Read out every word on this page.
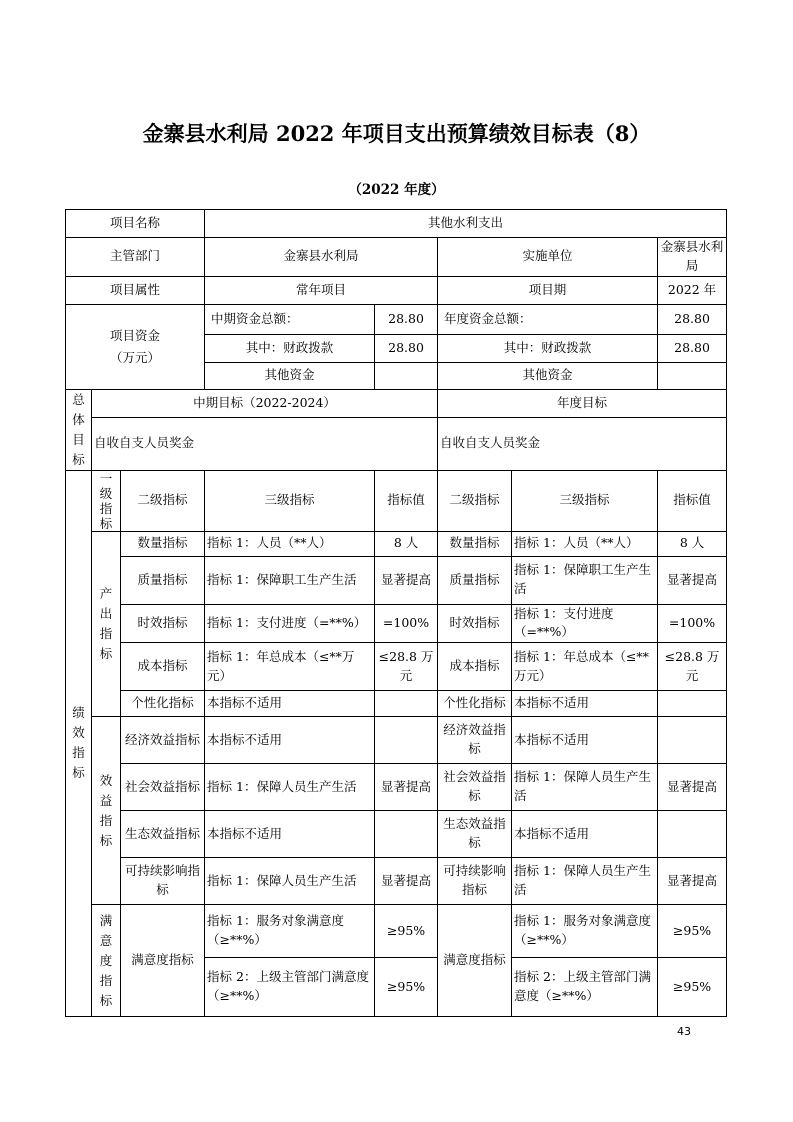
金寨县水利局 2022 年项目支出预算绩效目标表（8）
（2022 年度）
项目名称			其他水利支出				
主管部门			金寨县水利局		实施单位		金寨县水利局
项目属性			常年项目		项目期		2022 年

项目资金（万元）			中期资金总额：	28.80	年度资金总额：		28.80
			其中：财政拨款	28.80	其中：财政拨款		28.80
			其他资金		其他资金		

总体目标	中期目标（2022-2024）				年度目标		
	自收自支人员奖金				自收自支人员奖金		

绩效指标	一级指标	二级指标	三级指标	指标值	二级指标	三级指标	指标值

	产出指标	数量指标	指标 1：人员（**人）	8 人	数量指标	指标 1：人员（**人）	8 人
		质量指标	指标 1：保障职工生产生活	显著提高	质量指标	指标 1：保障职工生产生活	显著提高
		时效指标	指标 1：支付进度（=**%）	=100%	时效指标	指标 1：支付进度（=**%）	=100%
		成本指标	指标 1：年总成本（≤**万元）	≤28.8 万元	成本指标	指标 1：年总成本（≤**万元）	≤28.8 万元
		个性化指标	本指标不适用		个性化指标	本指标不适用	

	效益指标	经济效益指标	本指标不适用		经济效益指标	本指标不适用	
		社会效益指标	指标 1：保障人员生产生活	显著提高	社会效益指标	指标 1：保障人员生产生活	显著提高
		生态效益指标	本指标不适用		生态效益指标	本指标不适用	
		可持续影响指标	指标 1：保障人员生产生活	显著提高	可持续影响指标	指标 1：保障人员生产生活	显著提高

	满意度指标	满意度指标	指标 1：服务对象满意度（≥**%）	≥95%	满意度指标	指标 1：服务对象满意度（≥**%）	≥95%
			指标 2：上级主管部门满意度（≥**%）	≥95%		指标 2：上级主管部门满意度（≥**%）	≥95%
43
